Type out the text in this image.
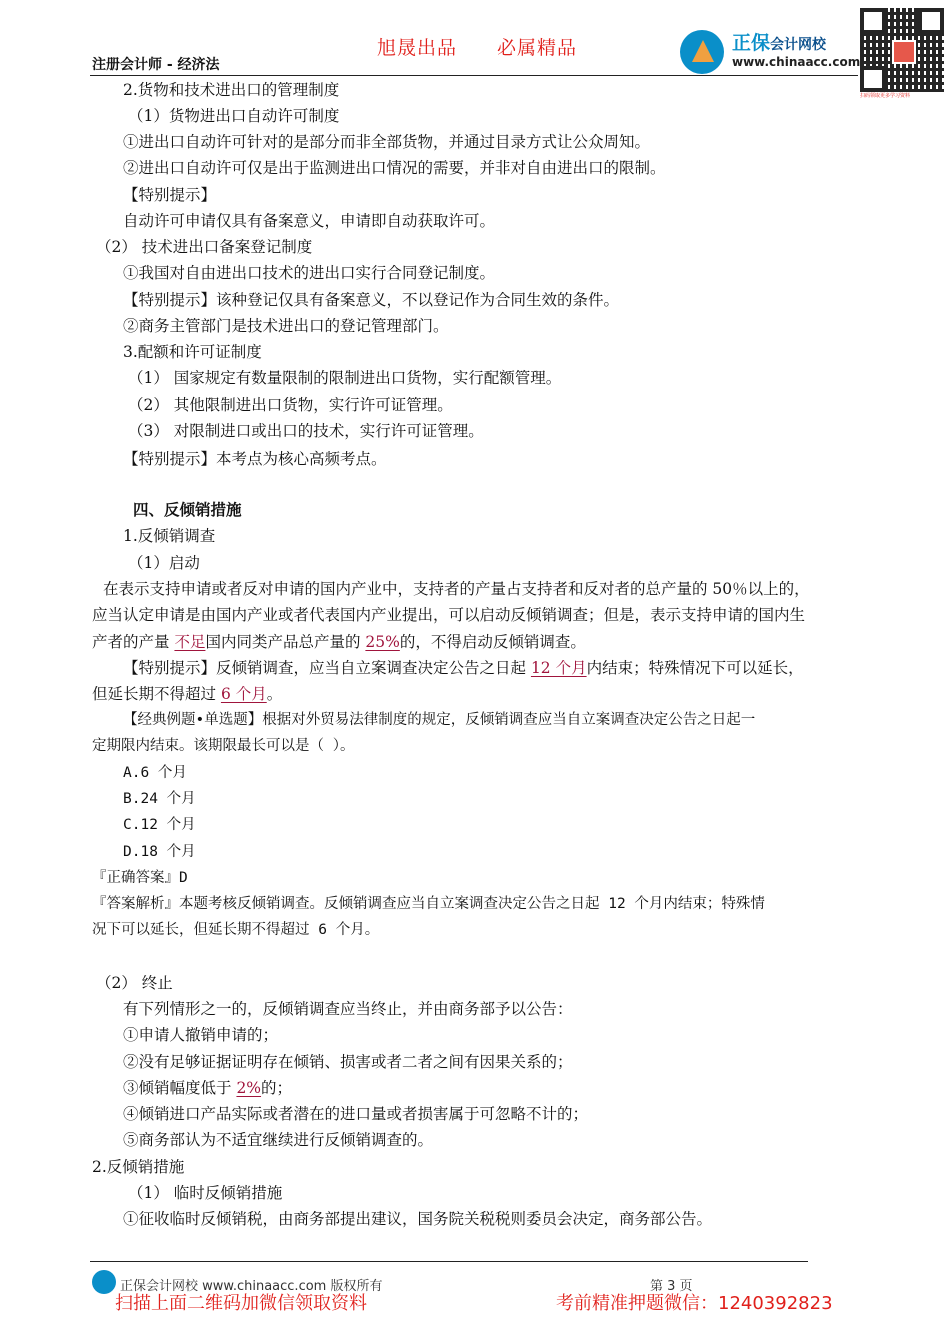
旭晟出品 必属精品
注册会计师 - 经济法
正保会计网校
www.chinaacc.com
扫码领取更多学习资料
2.货物和技术进出口的管理制度
（1）货物进出口自动许可制度
①进出口自动许可针对的是部分而非全部货物，并通过目录方式让公众周知。
②进出口自动许可仅是出于监测进出口情况的需要，并非对自由进出口的限制。
【特别提示】
自动许可申请仅具有备案意义，申请即自动获取许可。
（2） 技术进出口备案登记制度
①我国对自由进出口技术的进出口实行合同登记制度。
【特别提示】该种登记仅具有备案意义，不以登记作为合同生效的条件。
②商务主管部门是技术进出口的登记管理部门。
3.配额和许可证制度
（1） 国家规定有数量限制的限制进出口货物，实行配额管理。
（2） 其他限制进出口货物，实行许可证管理。
（3） 对限制进口或出口的技术，实行许可证管理。
【特别提示】本考点为核心高频考点。
四、反倾销措施
1.反倾销调查
（1）启动
在表示支持申请或者反对申请的国内产业中，支持者的产量占支持者和反对者的总产量的 50％以上的，
应当认定申请是由国内产业或者代表国内产业提出，可以启动反倾销调查；但是，表示支持申请的国内生
产者的产量 不足国内同类产品总产量的 25%的，不得启动反倾销调查。
【特别提示】反倾销调查，应当自立案调查决定公告之日起 12 个月内结束；特殊情况下可以延长，
但延长期不得超过 6 个月。
【经典例题•单选题】根据对外贸易法律制度的规定，反倾销调查应当自立案调查决定公告之日起一
定期限内结束。该期限最长可以是（ ）。
A.6 个月
B.24 个月
C.12 个月
D.18 个月
『正确答案』D
『答案解析』本题考核反倾销调查。反倾销调查应当自立案调查决定公告之日起 12 个月内结束；特殊情
况下可以延长，但延长期不得超过 6 个月。
（2） 终止
有下列情形之一的，反倾销调查应当终止，并由商务部予以公告：
①申请人撤销申请的；
②没有足够证据证明存在倾销、损害或者二者之间有因果关系的；
③倾销幅度低于 2%的；
④倾销进口产品实际或者潜在的进口量或者损害属于可忽略不计的；
⑤商务部认为不适宜继续进行反倾销调查的。
2.反倾销措施
（1） 临时反倾销措施
①征收临时反倾销税，由商务部提出建议，国务院关税税则委员会决定，商务部公告。
正保会计网校 www.chinaacc.com 版权所有	第 3 页
扫描上面二维码加微信领取资料	考前精准押题微信：1240392823
